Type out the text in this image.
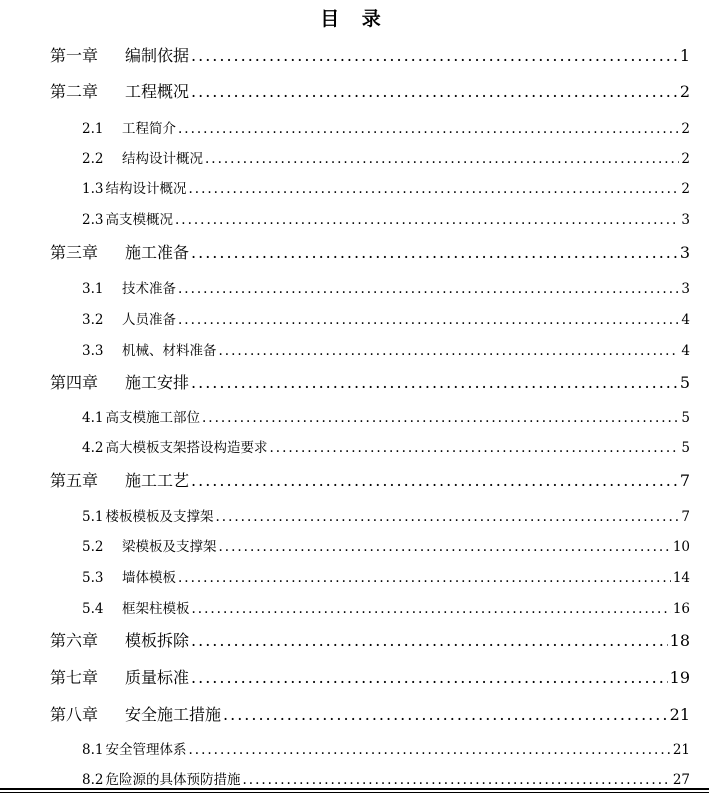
目 录
第一章	编制依据 .....	1
第二章	工程概况 .....	2
2.1	工程简介 .....	2
2.2	结构设计概况 .....	2
1.3 结构设计概况 .....	2
2.3 高支模概况 .....	3
第三章	施工准备 .....	3
3.1	技术准备 .....	3
3.2	人员准备 .....	4
3.3	机械、材料准备 .....	4
第四章	施工安排 .....	5
4.1 高支模施工部位 .....	5
4.2 高大模板支架搭设构造要求 .....	5
第五章	施工工艺 .....	7
5.1 楼板模板及支撑架 .....	7
5.2	梁模板及支撑架 .....	10
5.3	墙体模板 .....	14
5.4	框架柱模板 .....	16
第六章	模板拆除 .....	18
第七章	质量标准 .....	19
第八章	安全施工措施 .....	21
8.1 安全管理体系 .....	21
8.2 危险源的具体预防措施 .....	27
